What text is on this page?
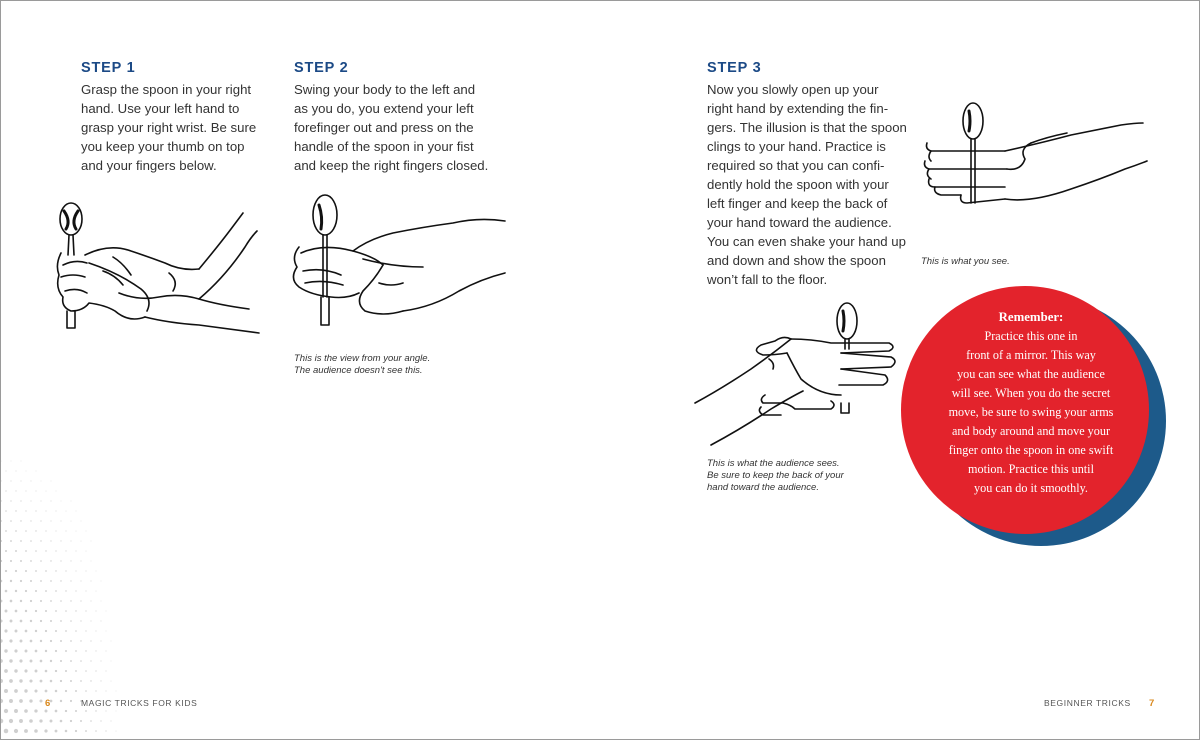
STEP 1
Grasp the spoon in your right
hand. Use your left hand to
grasp your right wrist. Be sure
you keep your thumb on top
and your fingers below.
STEP 2
Swing your body to the left and
as you do, you extend your left
forefinger out and press on the
handle of the spoon in your fist
and keep the right fingers closed.
This is the view from your angle.
The audience doesn't see this.
STEP 3
Now you slowly open up your
right hand by extending the fin-
gers. The illusion is that the spoon
clings to your hand. Practice is
required so that you can confi-
dently hold the spoon with your
left finger and keep the back of
your hand toward the audience.
You can even shake your hand up
and down and show the spoon
won’t fall to the floor.
This is what you see.
This is what the audience sees.
Be sure to keep the back of your
hand toward the audience.
Remember:
Practice this one in
front of a mirror. This way
you can see what the audience
will see. When you do the secret
move, be sure to swing your arms
and body around and move your
finger onto the spoon in one swift
motion. Practice this until
you can do it smoothly.
6	MAGIC TRICKS FOR KIDS	BEGINNER TRICKS 7
